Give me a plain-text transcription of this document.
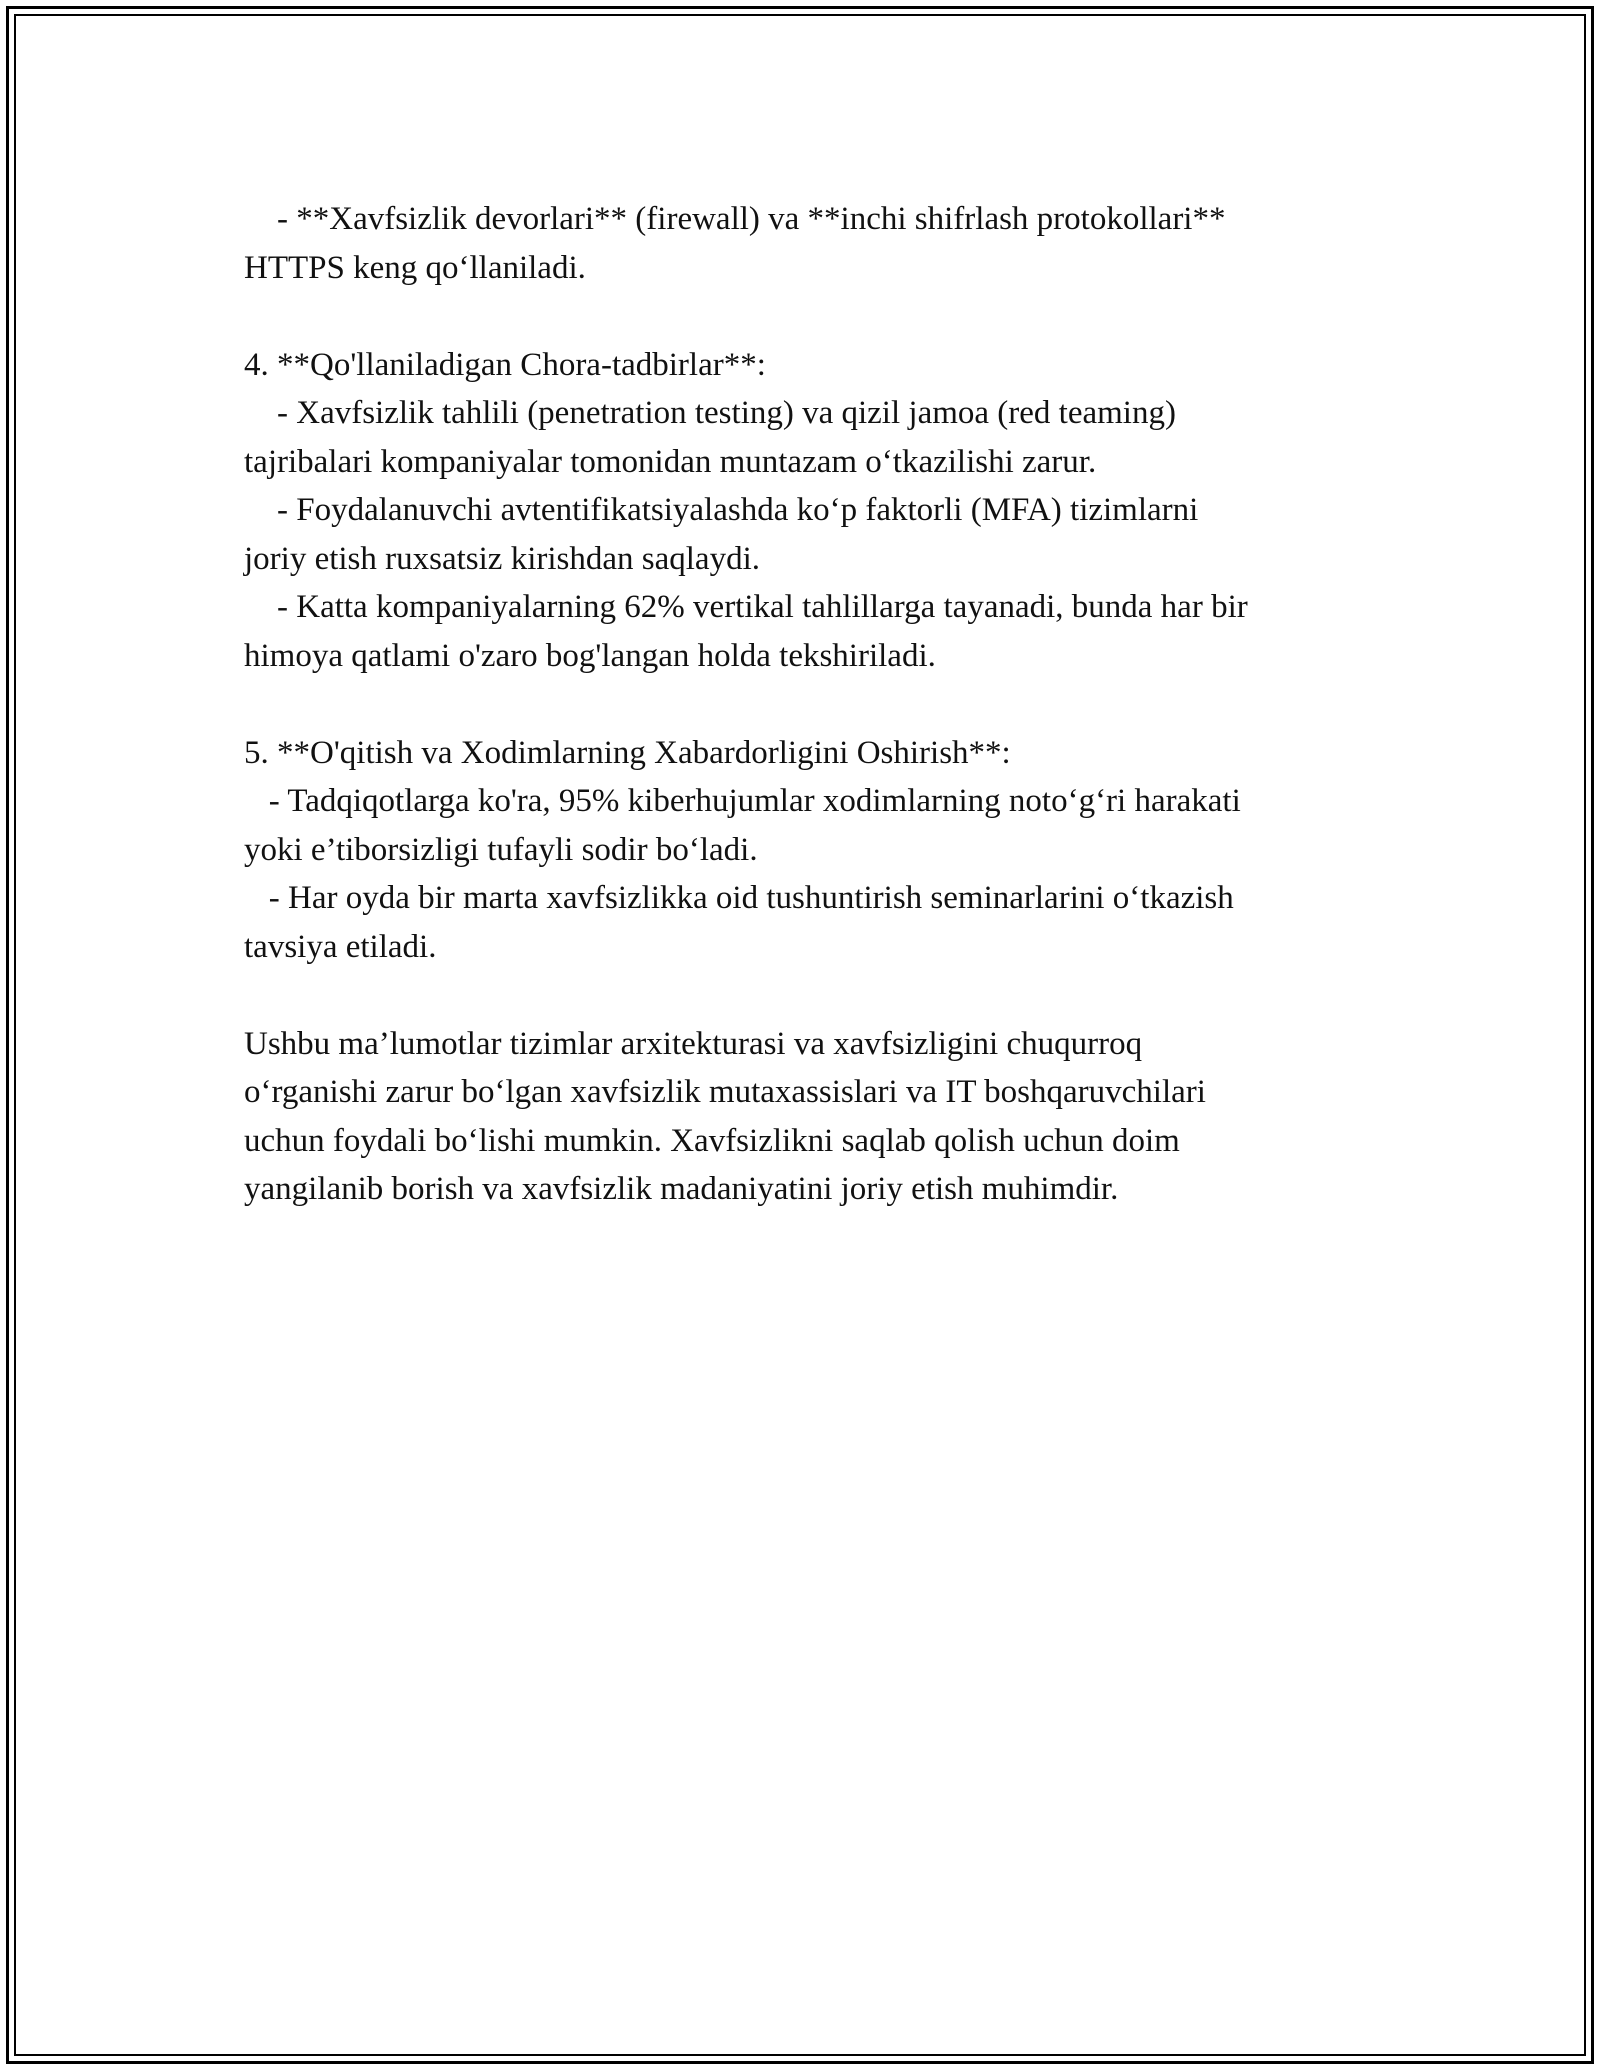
- **Xavfsizlik devorlari** (firewall) va **inchi shifrlash protokollari**
HTTPS keng qo‘llaniladi.
4. **Qo'llaniladigan Chora-tadbirlar**:
- Xavfsizlik tahlili (penetration testing) va qizil jamoa (red teaming)
tajribalari kompaniyalar tomonidan muntazam o‘tkazilishi zarur.
- Foydalanuvchi avtentifikatsiyalashda ko‘p faktorli (MFA) tizimlarni
joriy etish ruxsatsiz kirishdan saqlaydi.
- Katta kompaniyalarning 62% vertikal tahlillarga tayanadi, bunda har bir
himoya qatlami o'zaro bog'langan holda tekshiriladi.
5. **O'qitish va Xodimlarning Xabardorligini Oshirish**:
- Tadqiqotlarga ko'ra, 95% kiberhujumlar xodimlarning noto‘g‘ri harakati
yoki e’tiborsizligi tufayli sodir bo‘ladi.
- Har oyda bir marta xavfsizlikka oid tushuntirish seminarlarini o‘tkazish
tavsiya etiladi.
Ushbu ma’lumotlar tizimlar arxitekturasi va xavfsizligini chuqurroq
o‘rganishi zarur bo‘lgan xavfsizlik mutaxassislari va IT boshqaruvchilari
uchun foydali bo‘lishi mumkin. Xavfsizlikni saqlab qolish uchun doim
yangilanib borish va xavfsizlik madaniyatini joriy etish muhimdir.
